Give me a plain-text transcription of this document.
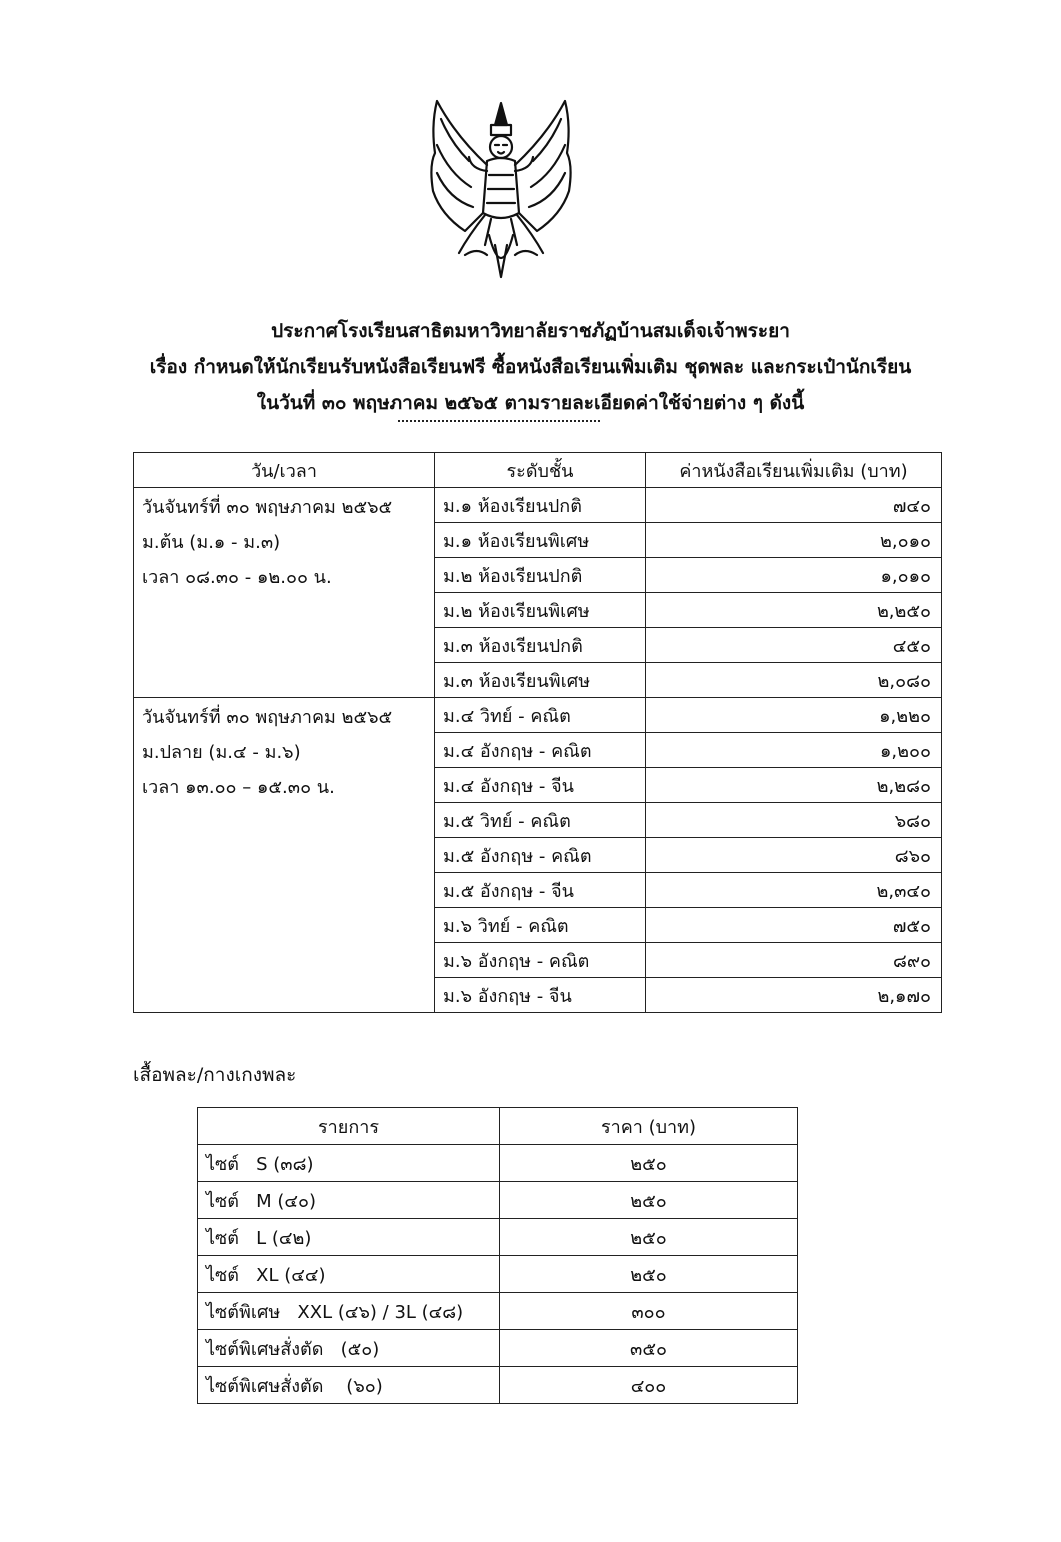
ประกาศโรงเรียนสาธิตมหาวิทยาลัยราชภัฏบ้านสมเด็จเจ้าพระยา
เรื่อง กำหนดให้นักเรียนรับหนังสือเรียนฟรี ซื้อหนังสือเรียนเพิ่มเติม ชุดพละ และกระเป๋านักเรียน
ในวันที่ ๓๐ พฤษภาคม ๒๕๖๕ ตามรายละเอียดค่าใช้จ่ายต่าง ๆ ดังนี้
วัน/เวลา	ระดับชั้น	ค่าหนังสือเรียนเพิ่มเติม (บาท)

วันจันทร์ที่ ๓๐ พฤษภาคม ๒๕๖๕
ม.ต้น (ม.๑ - ม.๓)
เวลา ๐๘.๓๐ - ๑๒.๐๐ น.	ม.๑ ห้องเรียนปกติ	๗๔๐
	ม.๑ ห้องเรียนพิเศษ	๒,๐๑๐
	ม.๒ ห้องเรียนปกติ	๑,๐๑๐
	ม.๒ ห้องเรียนพิเศษ	๒,๒๕๐
	ม.๓ ห้องเรียนปกติ	๔๕๐
	ม.๓ ห้องเรียนพิเศษ	๒,๐๘๐

วันจันทร์ที่ ๓๐ พฤษภาคม ๒๕๖๕
ม.ปลาย (ม.๔ - ม.๖)
เวลา ๑๓.๐๐ – ๑๕.๓๐ น.	ม.๔ วิทย์ - คณิต	๑,๒๒๐
	ม.๔ อังกฤษ - คณิต	๑,๒๐๐
	ม.๔ อังกฤษ - จีน	๒,๒๘๐
	ม.๕ วิทย์ - คณิต	๖๘๐
	ม.๕ อังกฤษ - คณิต	๘๖๐
	ม.๕ อังกฤษ - จีน	๒,๓๔๐
	ม.๖ วิทย์ - คณิต	๗๕๐
	ม.๖ อังกฤษ - คณิต	๘๙๐
	ม.๖ อังกฤษ - จีน	๒,๑๗๐
เสื้อพละ/กางเกงพละ
รายการ	ราคา (บาท)
ไซต์   S (๓๘)	๒๕๐
ไซต์   M (๔๐)	๒๕๐
ไซต์   L (๔๒)	๒๕๐
ไซต์   XL (๔๔)	๒๕๐
ไซต์พิเศษ   XXL (๔๖) / 3L (๔๘)	๓๐๐
ไซต์พิเศษสั่งตัด   (๕๐)	๓๕๐
ไซต์พิเศษสั่งตัด    (๖๐)	๔๐๐
